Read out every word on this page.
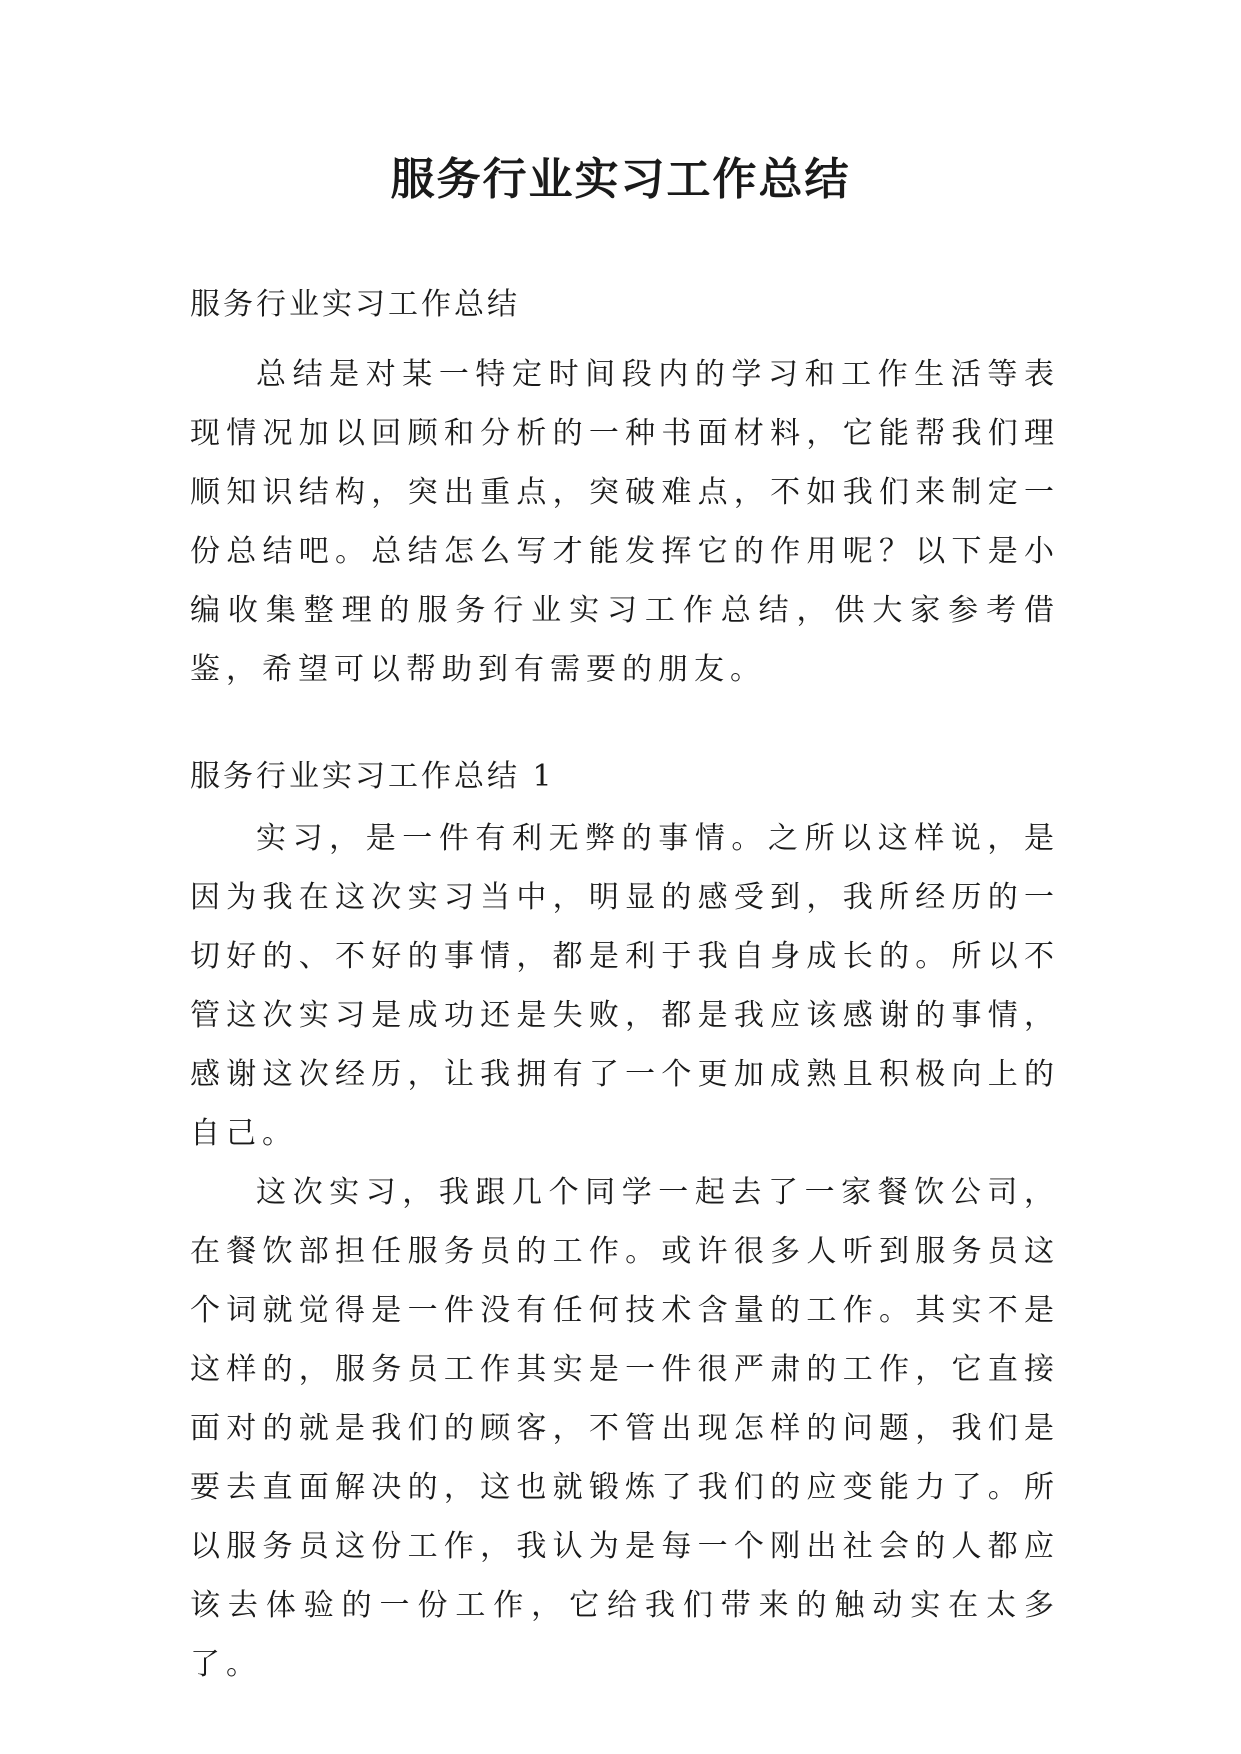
服务行业实习工作总结
服务行业实习工作总结

总结是对某一特定时间段内的学习和工作生活等表现情况加以回顾和分析的一种书面材料，它能帮我们理顺知识结构，突出重点，突破难点，不如我们来制定一份总结吧。总结怎么写才能发挥它的作用呢？以下是小编收集整理的服务行业实习工作总结，供大家参考借鉴，希望可以帮助到有需要的朋友。

服务行业实习工作总结 1

实习，是一件有利无弊的事情。之所以这样说，是因为我在这次实习当中，明显的感受到，我所经历的一切好的、不好的事情，都是利于我自身成长的。所以不管这次实习是成功还是失败，都是我应该感谢的事情，感谢这次经历，让我拥有了一个更加成熟且积极向上的自己。

这次实习，我跟几个同学一起去了一家餐饮公司，在餐饮部担任服务员的工作。或许很多人听到服务员这个词就觉得是一件没有任何技术含量的工作。其实不是这样的，服务员工作其实是一件很严肃的工作，它直接面对的就是我们的顾客，不管出现怎样的问题，我们是要去直面解决的，这也就锻炼了我们的应变能力了。所以服务员这份工作，我认为是每一个刚出社会的人都应该去体验的一份工作，它给我们带来的触动实在太多了。
